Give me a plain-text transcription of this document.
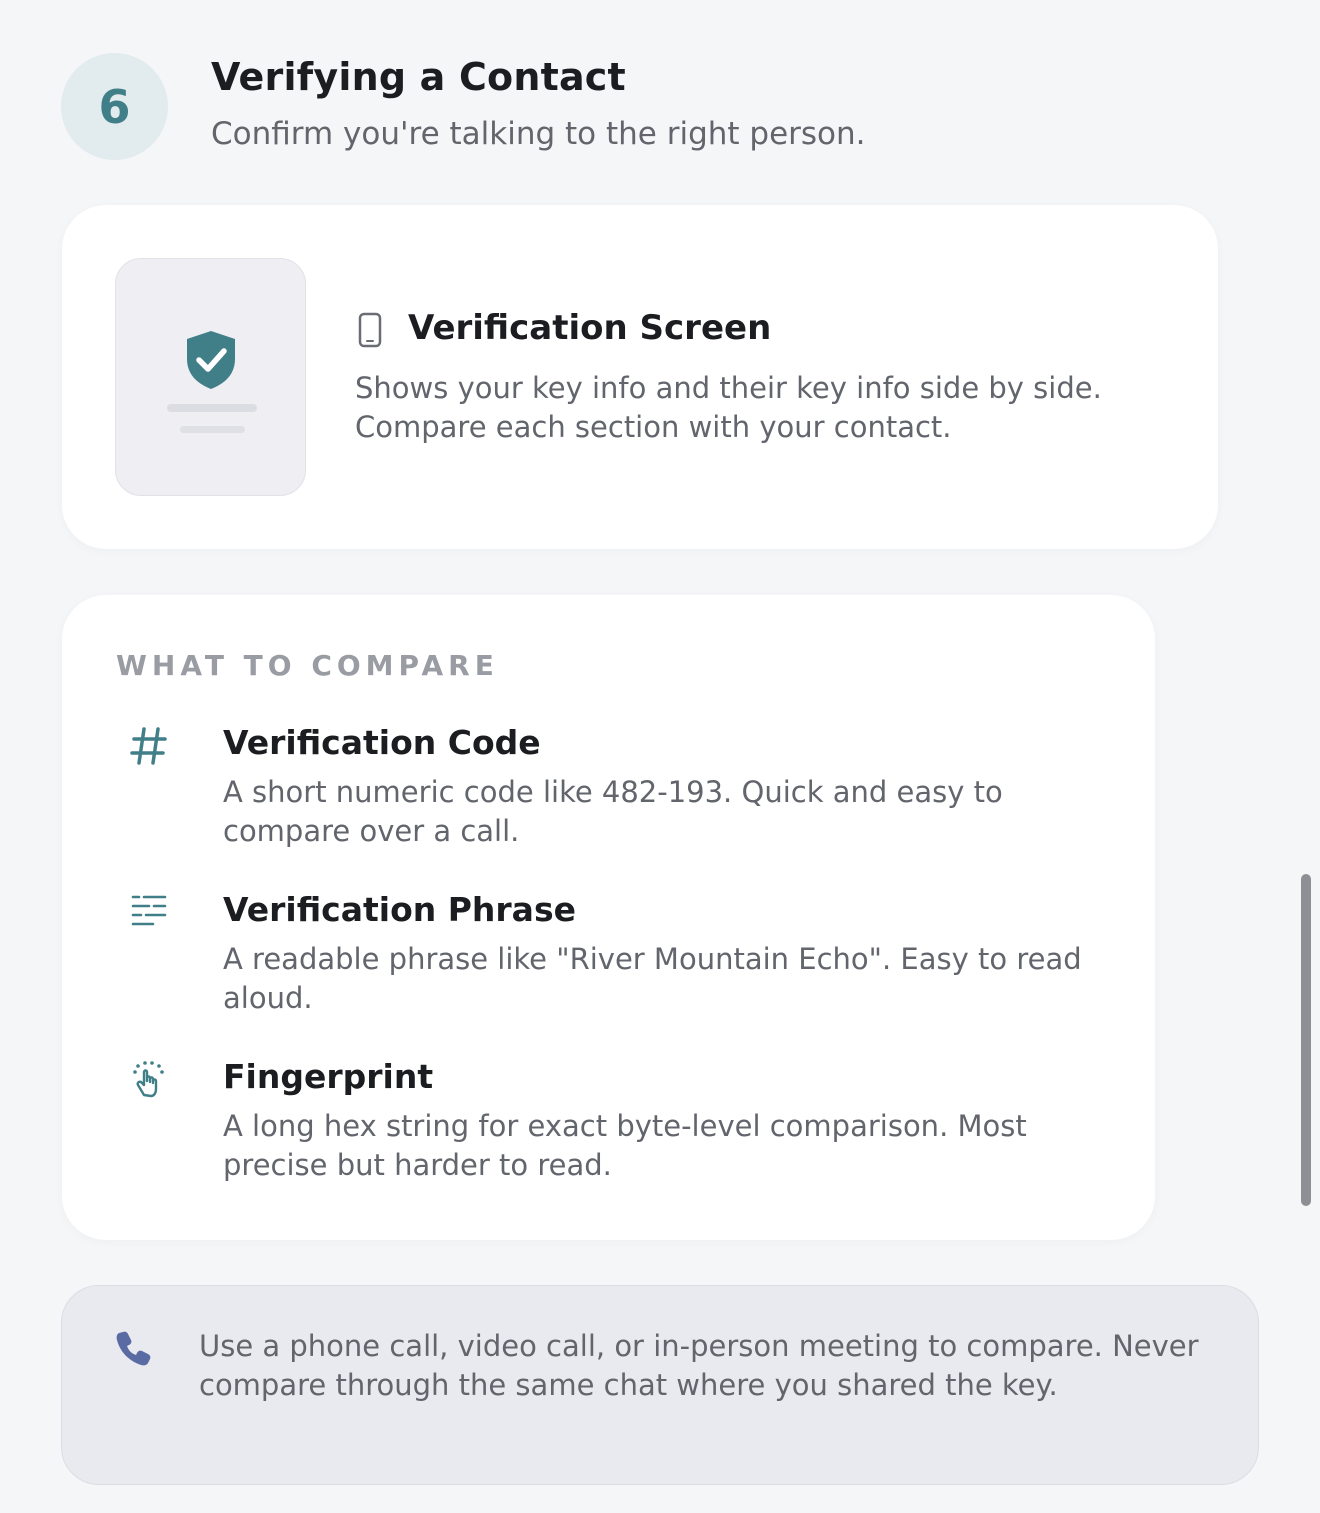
6
Verifying a Contact
Confirm you're talking to the right person.
Verification Screen
Shows your key info and their key info side by side. Compare each section with your contact.
WHAT TO COMPARE
Verification Code
A short numeric code like 482-193. Quick and easy to compare over a call.
Verification Phrase
A readable phrase like "River Mountain Echo". Easy to read aloud.
Fingerprint
A long hex string for exact byte-level comparison. Most precise but harder to read.
Use a phone call, video call, or in-person meeting to compare. Never compare through the same chat where you shared the key.
